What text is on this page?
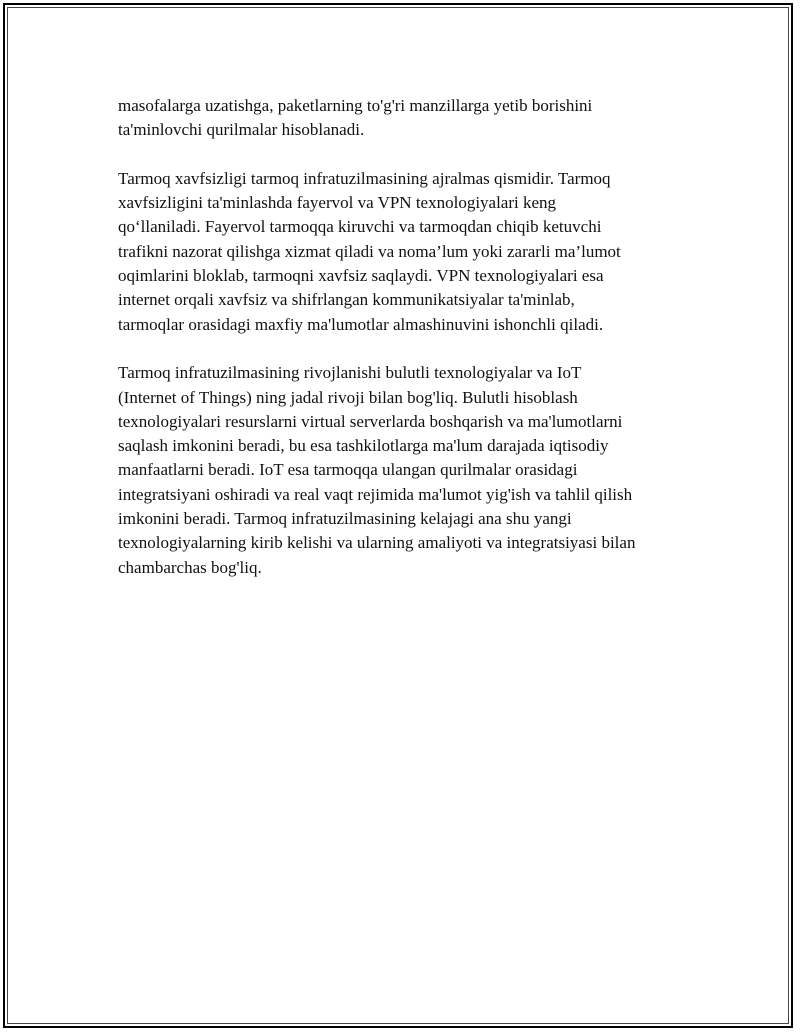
masofalarga uzatishga, paketlarning to'g'ri manzillarga yetib borishini
ta'minlovchi qurilmalar hisoblanadi.

Tarmoq xavfsizligi tarmoq infratuzilmasining ajralmas qismidir. Tarmoq
xavfsizligini ta'minlashda fayervol va VPN texnologiyalari keng
qo‘llaniladi. Fayervol tarmoqqa kiruvchi va tarmoqdan chiqib ketuvchi
trafikni nazorat qilishga xizmat qiladi va noma’lum yoki zararli ma’lumot
oqimlarini bloklab, tarmoqni xavfsiz saqlaydi. VPN texnologiyalari esa
internet orqali xavfsiz va shifrlangan kommunikatsiyalar ta'minlab,
tarmoqlar orasidagi maxfiy ma'lumotlar almashinuvini ishonchli qiladi.

Tarmoq infratuzilmasining rivojlanishi bulutli texnologiyalar va IoT
(Internet of Things) ning jadal rivoji bilan bog'liq. Bulutli hisoblash
texnologiyalari resurslarni virtual serverlarda boshqarish va ma'lumotlarni
saqlash imkonini beradi, bu esa tashkilotlarga ma'lum darajada iqtisodiy
manfaatlarni beradi. IoT esa tarmoqqa ulangan qurilmalar orasidagi
integratsiyani oshiradi va real vaqt rejimida ma'lumot yig'ish va tahlil qilish
imkonini beradi. Tarmoq infratuzilmasining kelajagi ana shu yangi
texnologiyalarning kirib kelishi va ularning amaliyoti va integratsiyasi bilan
chambarchas bog'liq.
